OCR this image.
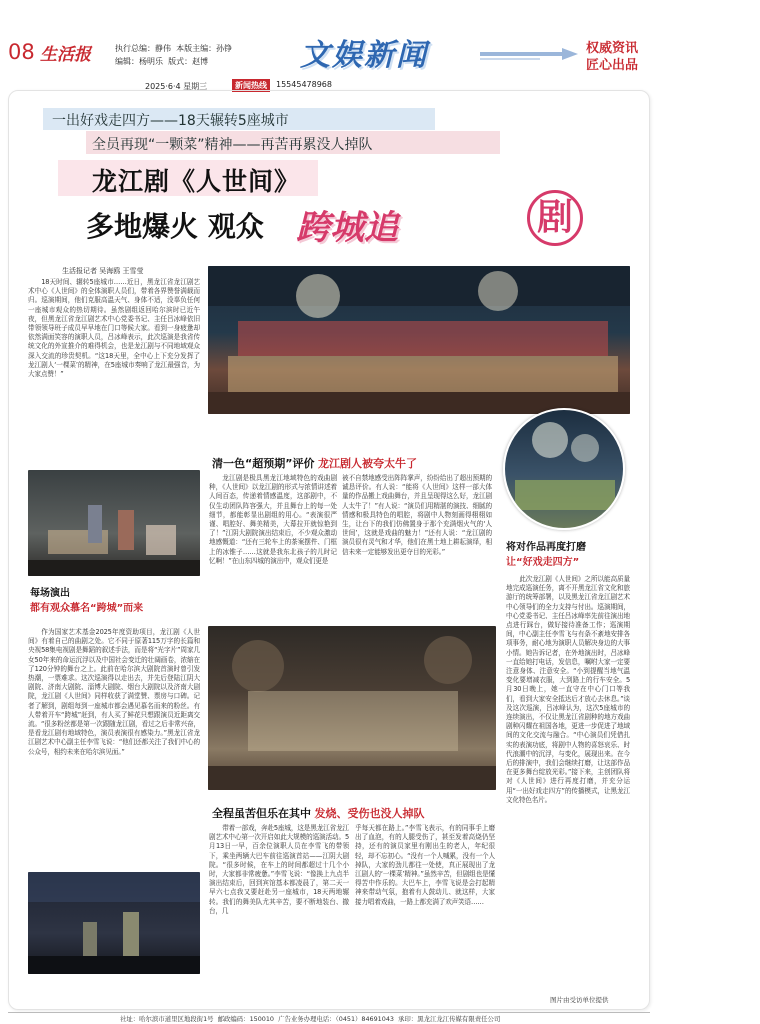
08 生活报	执行总编：静伟 本版主编：孙铮
编辑：杨明乐 版式：赵博	文娱新闻	权威资讯
匠心出品
2025·6·4 星期三	新闻热线	15545478968
一出好戏走四方——18天辗转5座城市
全员再现“一颗菜”精神——再苦再累没人掉队
龙江剧《人世间》
多地爆火 观众 跨城追	剧
生活报记者 吴海鸥 王雪莹

18天时间、辗转5座城市……近日，黑龙江省龙江剧艺术中心《人世间》的全体演职人员们，带着各界赞誉满载而归。巡演期间，他们克服高温天气、身体不适，没辜负任何一座城市观众的热切期待。虽然剧组返回哈尔滨时已近午夜，但黑龙江省龙江剧艺术中心党委书记、主任吕冰峰依旧带领领导班子成员早早地在门口等候大家。看到一身疲惫却依然满面笑容的演职人员，吕冰峰表示，此次巡演是我省传统文化的外宣推介的难得机会，也是龙江剧与不同地域观众深入交流的珍贵契机。“这18天里，全中心上下充分发挥了龙江剧人‘一棵菜’的精神，在5座城市奏响了龙江最强音，为大家点赞！”

清一色“超预期”评价 龙江剧人被夸太牛了

龙江剧是极具黑龙江地域特色的戏曲剧种，《人世间》以龙江剧的形式与浓情讲述着人间百态，传递着情感温度，这部剧中，不仅生动团队阵容强大，并且舞台上的每一处细节，都能彰显出剧组的用心。“表演很严谨、唱腔好、舞美精美，大幕拉开就惊艳到了！”江阴大剧院演出结束后，不少观众激动地感慨道：“还有三轮车上的茶案摆件、门框上的冰锥子……这就是我东北孩子的儿时记忆啊！”在山东四城的演出中，观众们更是

被不自禁地感受出阵阵掌声，纷纷给出了超出预期的诚恳评价。有人说：“能将《人世间》这样一部大体量的作品搬上戏曲舞台，并且呈现得这么好，龙江剧人太牛了！”有人说：“演员们用精湛的演技、细腻的情感和极具特色的唱腔，将剧中人物刻画得栩栩如生，让台下的我们仿佛置身于那个充满烟火气的‘人世间’，这就是戏曲的魅力！”还有人说：“龙江剧的演员很有灵气和才华，他们在黑土地上耕耘演绎，相信未来一定能够发出更夺目的光彩。”	将对作品再度打磨
让“好戏走四方”

此次龙江剧《人世间》之所以能高质量地完成巡演任务，离不开黑龙江省文化和旅游厅的统筹部署，以及黑龙江省龙江剧艺术中心领导们的全力支持与付出。巡演期间，中心党委书记、主任吕冰峰率先前往演出地点进行踩台，做好接待准备工作；巡演期间，中心副主任李雪飞与有条不紊地安排各项事务，耐心地为演职人员解决身边的大事小情。她告诉记者，在外地演出时，吕冰峰一直给她打电话，发信息，嘱咐大家一定要注意身体、注意安全。“小到提醒当地气温变化要增减衣服，大到路上的行车安全。5月30日晚上，她一直守在中心门口等我们，看到大家安全抵达后才放心去休息。”谈及这次巡演，吕冰峰认为，这次5座城市的连续演出，不仅让黑龙江省剧种的地方戏曲剧种闪耀在祖国各地，更进一步促进了地域间的文化交流与融合。“中心演员们凭借扎实的表演功底，将剧中人物的喜怒哀乐、时代浪潮中的沉浮，与变化，展现出来。在今后的排演中，我们会继续打磨，让这部作品在更多舞台绽放光彩。”接下来，主创团队将对《人世间》进行再度打磨，并充分运用“一出好戏走四方”的传播模式，让黑龙江文化特色名片。

图片由受访单位提供
每场演出
都有观众慕名“跨城”而来

作为国家艺术基金2025年度资助项目，龙江剧《人世间》有着自己的曲剧之处。它不同于原著115万字的长篇和央视58集电视剧是舞蹈的叙述手法，而是将“光字片”周家几女50年来的命运沉浮以及中国社会变迁的壮阔画卷，浓缩在了120分钟的舞台之上。此前在哈尔滨大剧院首演时曾引发热潮，一票难求。这次巡演得以走出去，并先后登陆江阴大剧院、济南大剧院、淄博大剧院、烟台大剧院以及济南大剧院，龙江剧《人世间》同样收获了满堂赞、票房与口碑。记者了解到，剧组每到一座城市都会遇见慕名而来的粉丝。有人带着开车“跨城”赶到，有人买了鲜花只想跟演员近距离交流。“很多粉丝都是第一次跟随龙江剧，看过之后非常兴奋，是看龙江剧有地域特色，演员表演很有感染力。”黑龙江省龙江剧艺术中心副主任李雪飞说：“他们还都关注了我们中心的公众号，相约未来在哈尔滨见面。”

全程虽苦但乐在其中 发烧、受伤也没人掉队

带着一部戏，奔赴5座城，这是黑龙江省龙江剧艺术中心第一次开启如此大规模的巡演活动。5月13日一早，百余位演职人员在李雪飞的带领下，乘坐两辆大巴车前往巡演首站——江阴大剧院。“很多时候，在车上的时间都超过十几个小时，大家都非常疲惫。”李雪飞说：“像换上九点半演出结束后，回到宾馆基本都凌晨了，第二天一早六七点我又要赶赴另一座城市，18天两地辗转。我们的舞美队尤其辛苦，要不断地装台、撤台，几

乎每天都在路上。”李雪飞表示，有的同事手上磨出了血泡，有的人腿受伤了，甚至发着高烧仍坚持，还有的演员家里有刚出生的老人，年纪很轻，却不忘初心。“没有一个人喊累，没有一个人掉队，大家的劲儿都往一处使，真正展现出了龙江剧人的‘一棵菜’精神。”虽然辛苦，但剧组也是懂得苦中作乐的。大巴车上，李雪飞说是会打起精神来带动气氛，抱着有人鼓动儿、就这样，大家接力唱着戏曲，一路上都充满了欢声笑语……

社址：哈尔滨市道里区地段街1号 邮政编码：150010 广告业务办理电话：（0451）84691043 承印：黑龙江龙江传媒有限责任公司
